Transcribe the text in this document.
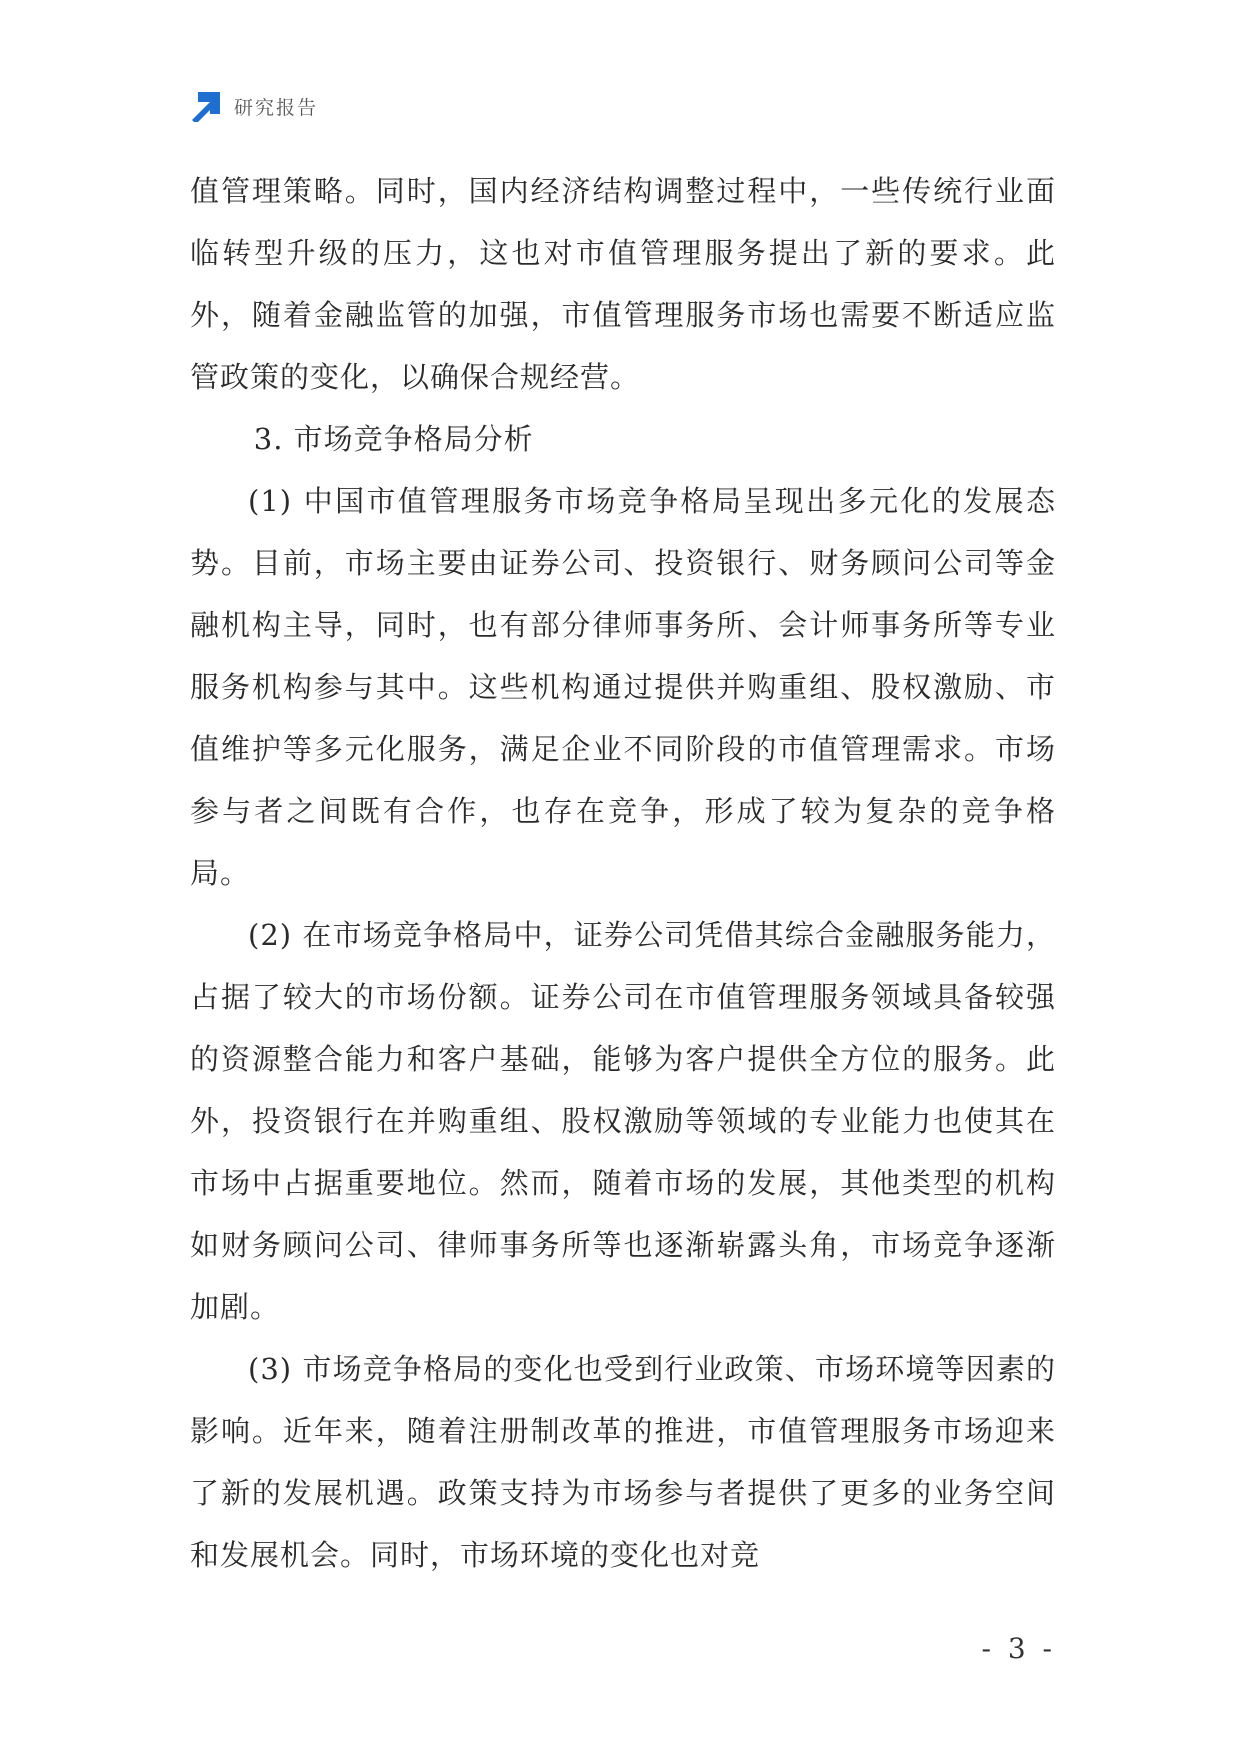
研究报告

值管理策略。同时，国内经济结构调整过程中，一些传统行业面临转型升级的压力，这也对市值管理服务提出了新的要求。此外，随着金融监管的加强，市值管理服务市场也需要不断适应监管政策的变化，以确保合规经营。

3. 市场竞争格局分析

(1) 中国市值管理服务市场竞争格局呈现出多元化的发展态势。目前，市场主要由证券公司、投资银行、财务顾问公司等金融机构主导，同时，也有部分律师事务所、会计师事务所等专业服务机构参与其中。这些机构通过提供并购重组、股权激励、市值维护等多元化服务，满足企业不同阶段的市值管理需求。市场参与者之间既有合作，也存在竞争，形成了较为复杂的竞争格局。

(2) 在市场竞争格局中，证券公司凭借其综合金融服务能力，占据了较大的市场份额。证券公司在市值管理服务领域具备较强的资源整合能力和客户基础，能够为客户提供全方位的服务。此外，投资银行在并购重组、股权激励等领域的专业能力也使其在市场中占据重要地位。然而，随着市场的发展，其他类型的机构如财务顾问公司、律师事务所等也逐渐崭露头角，市场竞争逐渐加剧。

(3) 市场竞争格局的变化也受到行业政策、市场环境等因素的影响。近年来，随着注册制改革的推进，市值管理服务市场迎来了新的发展机遇。政策支持为市场参与者提供了更多的业务空间和发展机会。同时，市场环境的变化也对竞

- 3 -
